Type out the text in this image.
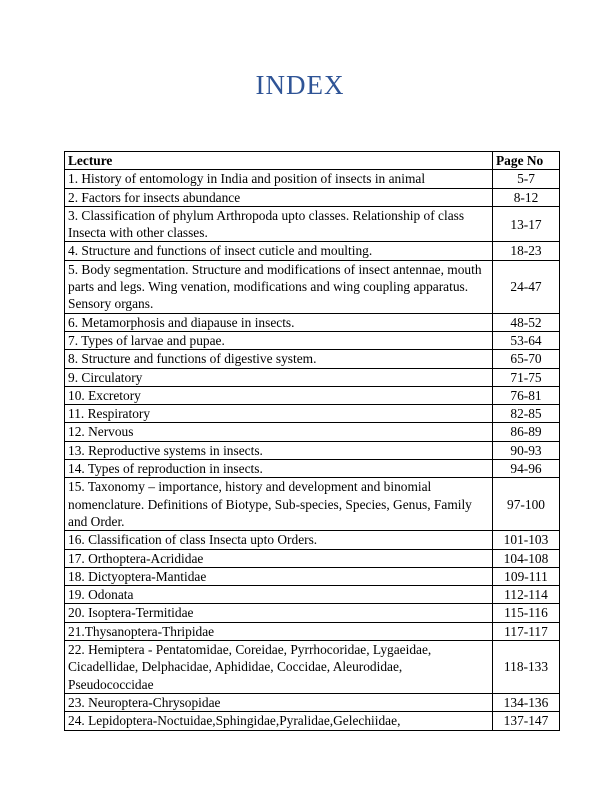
INDEX
Lecture	Page No
1. History of entomology in India and position of insects in animal	5-7
2. Factors for insects abundance	8-12
3. Classification of phylum Arthropoda upto classes. Relationship of class Insecta with other classes.	13-17
4. Structure and functions of insect cuticle and moulting.	18-23
5. Body segmentation. Structure and modifications of insect antennae, mouth parts and legs. Wing venation, modifications and wing coupling apparatus. Sensory organs.	24-47
6. Metamorphosis and diapause in insects.	48-52
7. Types of larvae and pupae.	53-64
8. Structure and functions of digestive system.	65-70
9. Circulatory	71-75
10. Excretory	76-81
11. Respiratory	82-85
12. Nervous	86-89
13. Reproductive systems in insects.	90-93
14. Types of reproduction in insects.	94-96
15. Taxonomy – importance, history and development and binomial nomenclature. Definitions of Biotype, Sub-species, Species, Genus, Family and Order.	97-100
16. Classification of class Insecta upto Orders.	101-103
17. Orthoptera-Acrididae	104-108
18. Dictyoptera-Mantidae	109-111
19. Odonata	112-114
20. Isoptera-Termitidae	115-116
21.Thysanoptera-Thripidae	117-117
22. Hemiptera - Pentatomidae, Coreidae, Pyrrhocoridae, Lygaeidae, Cicadellidae, Delphacidae, Aphididae, Coccidae, Aleurodidae, Pseudococcidae	118-133
23. Neuroptera-Chrysopidae	134-136
24. Lepidoptera-Noctuidae,Sphingidae,Pyralidae,Gelechiidae,	137-147
